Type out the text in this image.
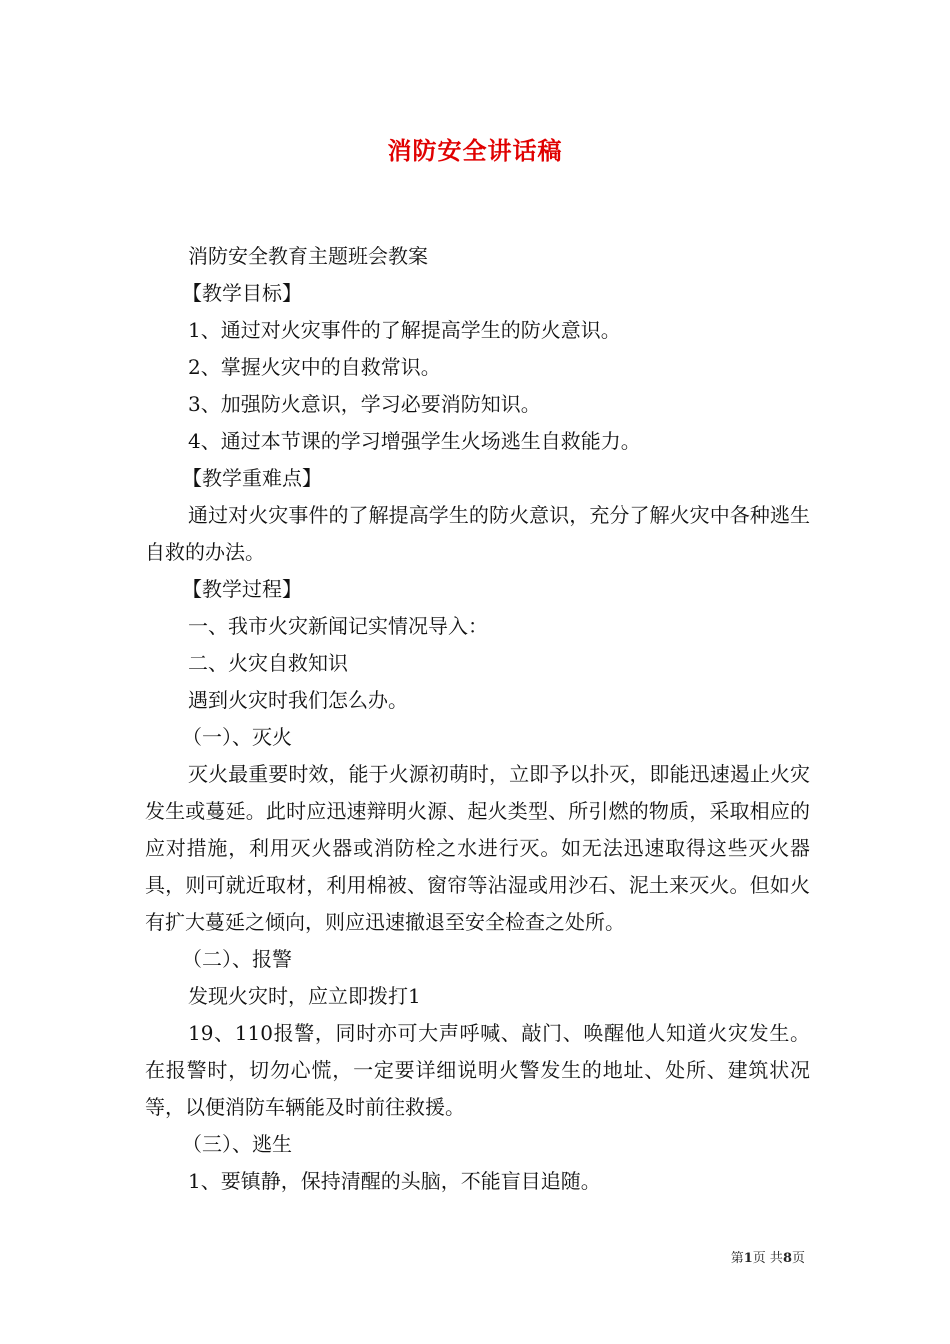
消防安全讲话稿

消防安全教育主题班会教案

【教学目标】

1、通过对火灾事件的了解提高学生的防火意识。

2、掌握火灾中的自救常识。

3、加强防火意识，学习必要消防知识。

4、通过本节课的学习增强学生火场逃生自救能力。

【教学重难点】

通过对火灾事件的了解提高学生的防火意识，充分了解火灾中各种逃生自救的办法。

【教学过程】

一、我市火灾新闻记实情况导入：

二、火灾自救知识

遇到火灾时我们怎么办。

（一）、灭火

灭火最重要时效，能于火源初萌时，立即予以扑灭，即能迅速遏止火灾发生或蔓延。此时应迅速辩明火源、起火类型、所引燃的物质，采取相应的应对措施，利用灭火器或消防栓之水进行灭。如无法迅速取得这些灭火器具，则可就近取材，利用棉被、窗帘等沾湿或用沙石、泥土来灭火。但如火有扩大蔓延之倾向，则应迅速撤退至安全检查之处所。

（二）、报警

发现火灾时，应立即拨打1

19、110报警，同时亦可大声呼喊、敲门、唤醒他人知道火灾发生。在报警时，切勿心慌，一定要详细说明火警发生的地址、处所、建筑状况等，以便消防车辆能及时前往救援。

（三）、逃生

1、要镇静，保持清醒的头脑，不能盲目追随。

第1页 共8页
